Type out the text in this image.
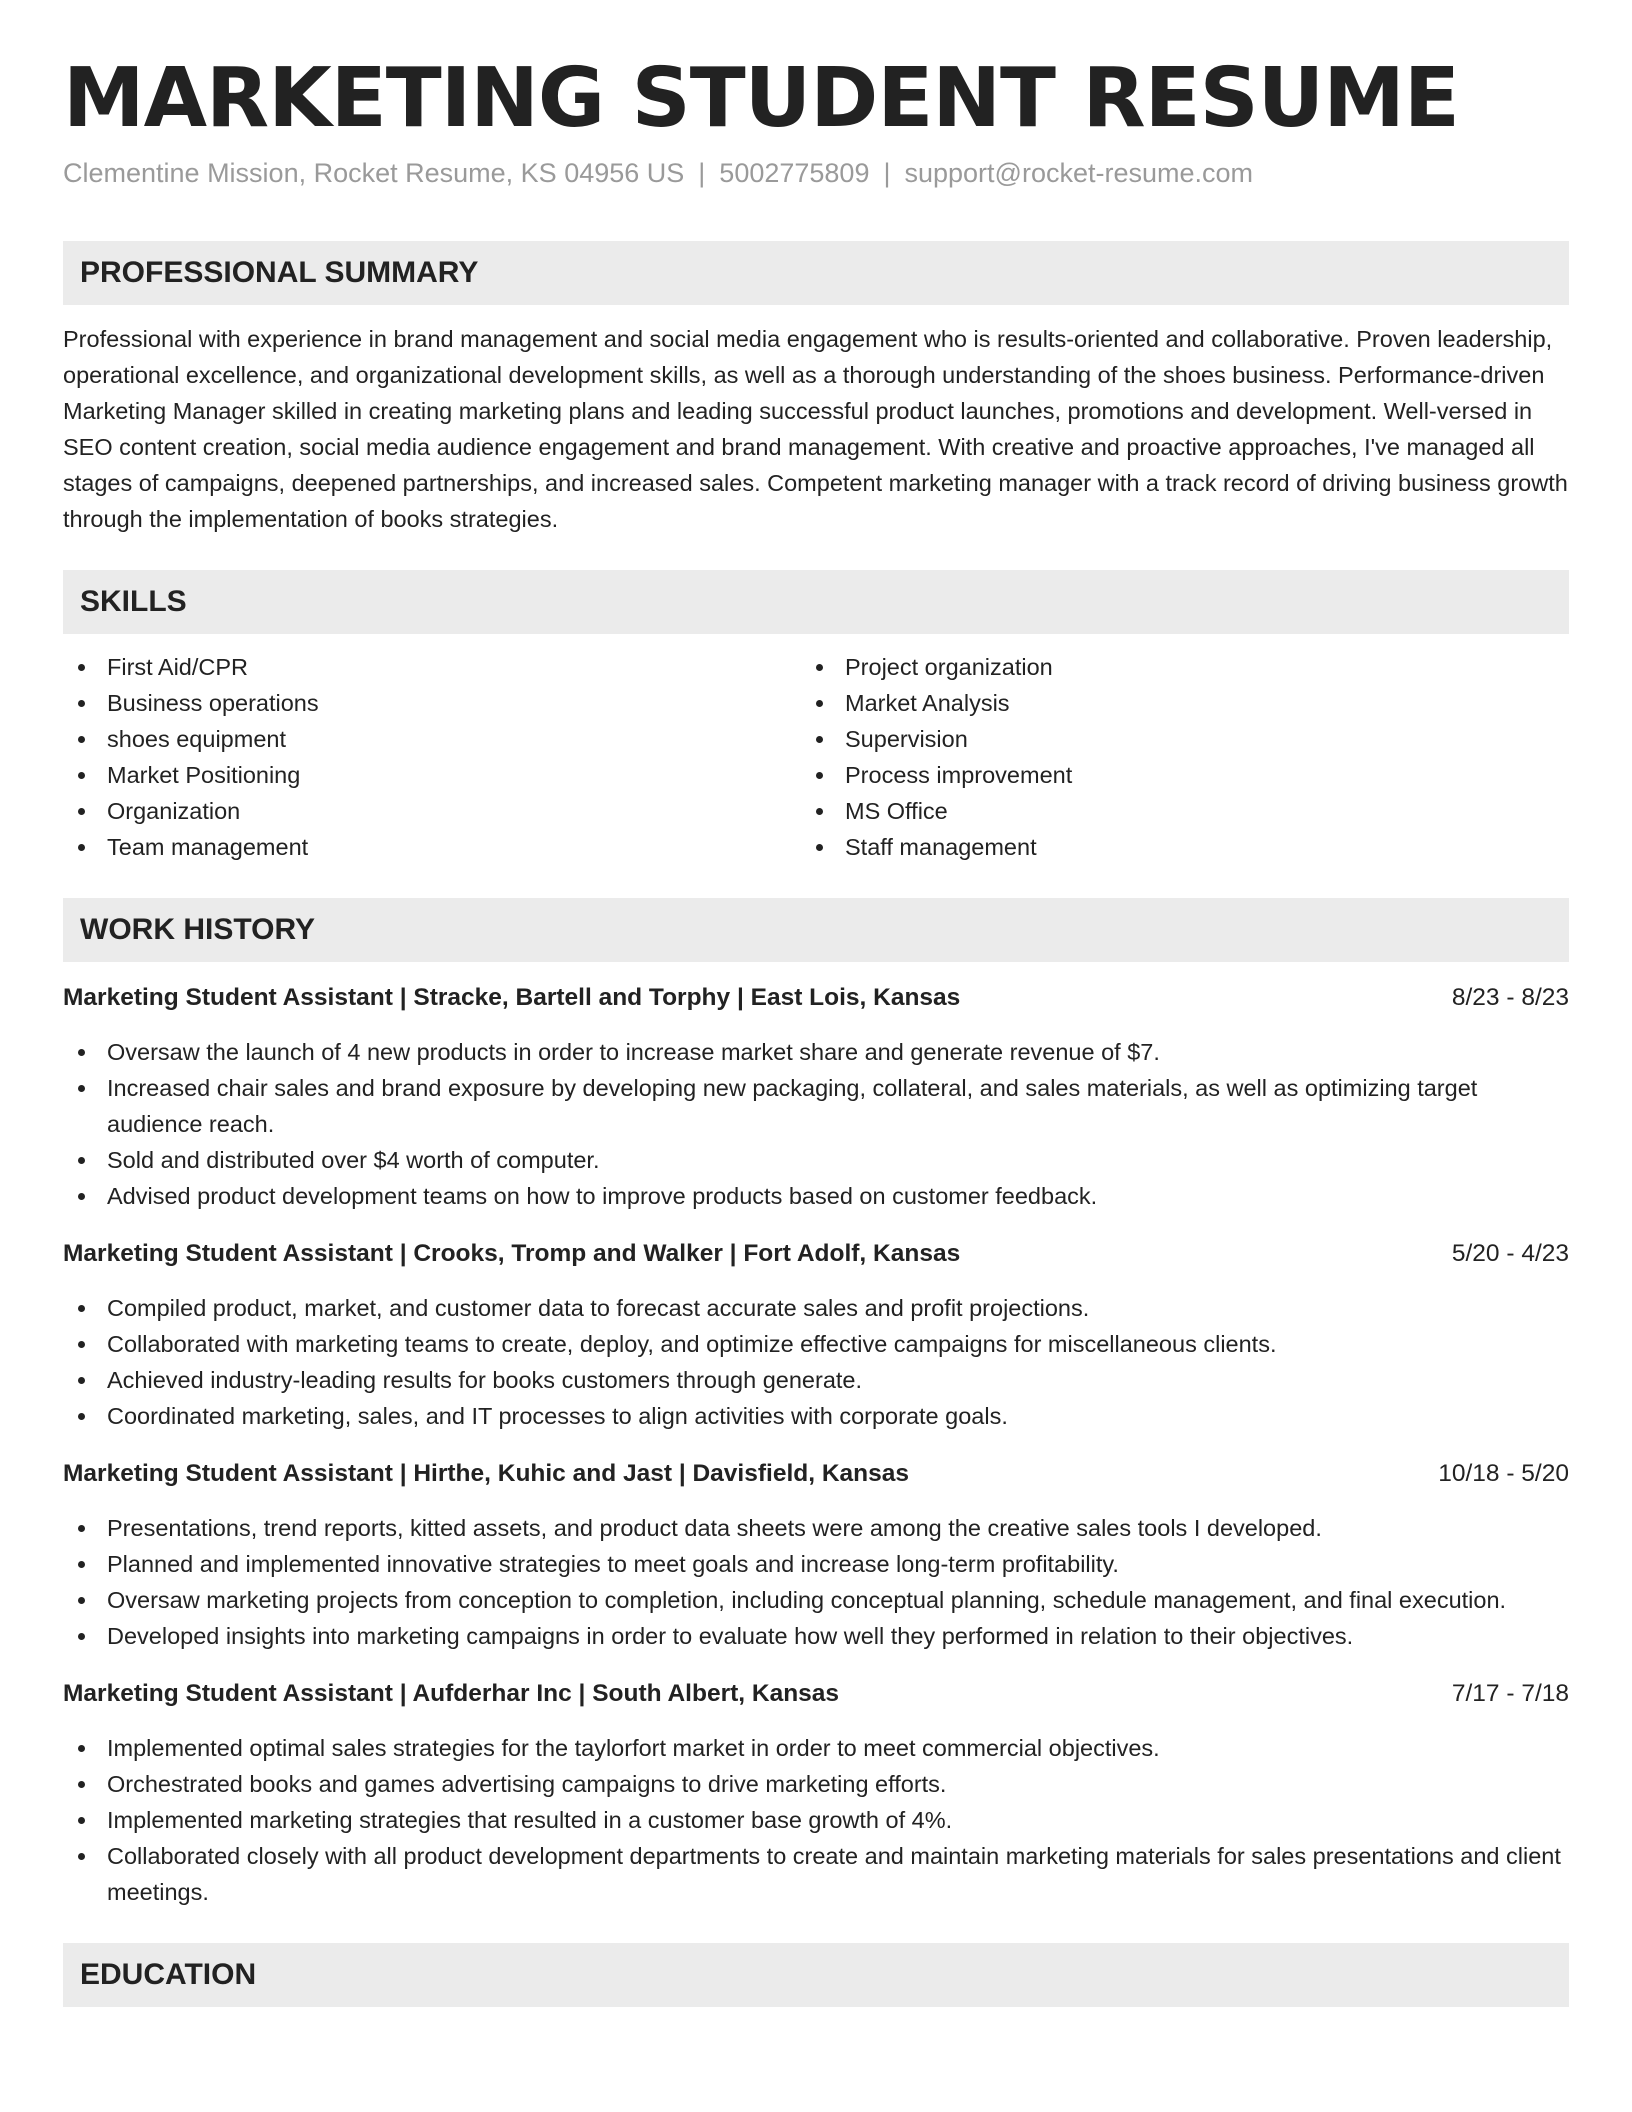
MARKETING STUDENT RESUME
Clementine Mission, Rocket Resume, KS 04956 US | 5002775809 | support@rocket-resume.com
PROFESSIONAL SUMMARY
Professional with experience in brand management and social media engagement who is results-oriented and collaborative. Proven leadership, operational excellence, and organizational development skills, as well as a thorough understanding of the shoes business. Performance-driven Marketing Manager skilled in creating marketing plans and leading successful product launches, promotions and development. Well-versed in SEO content creation, social media audience engagement and brand management. With creative and proactive approaches, I've managed all stages of campaigns, deepened partnerships, and increased sales. Competent marketing manager with a track record of driving business growth through the implementation of books strategies.
SKILLS
First Aid/CPR
Business operations
shoes equipment
Market Positioning
Organization
Team management
Project organization
Market Analysis
Supervision
Process improvement
MS Office
Staff management
WORK HISTORY
Marketing Student Assistant | Stracke, Bartell and Torphy | East Lois, Kansas	8/23 - 8/23
Oversaw the launch of 4 new products in order to increase market share and generate revenue of $7.
Increased chair sales and brand exposure by developing new packaging, collateral, and sales materials, as well as optimizing target audience reach.
Sold and distributed over $4 worth of computer.
Advised product development teams on how to improve products based on customer feedback.
Marketing Student Assistant | Crooks, Tromp and Walker | Fort Adolf, Kansas	5/20 - 4/23
Compiled product, market, and customer data to forecast accurate sales and profit projections.
Collaborated with marketing teams to create, deploy, and optimize effective campaigns for miscellaneous clients.
Achieved industry-leading results for books customers through generate.
Coordinated marketing, sales, and IT processes to align activities with corporate goals.
Marketing Student Assistant | Hirthe, Kuhic and Jast | Davisfield, Kansas	10/18 - 5/20
Presentations, trend reports, kitted assets, and product data sheets were among the creative sales tools I developed.
Planned and implemented innovative strategies to meet goals and increase long-term profitability.
Oversaw marketing projects from conception to completion, including conceptual planning, schedule management, and final execution.
Developed insights into marketing campaigns in order to evaluate how well they performed in relation to their objectives.
Marketing Student Assistant | Aufderhar Inc | South Albert, Kansas	7/17 - 7/18
Implemented optimal sales strategies for the taylorfort market in order to meet commercial objectives.
Orchestrated books and games advertising campaigns to drive marketing efforts.
Implemented marketing strategies that resulted in a customer base growth of 4%.
Collaborated closely with all product development departments to create and maintain marketing materials for sales presentations and client meetings.
EDUCATION
